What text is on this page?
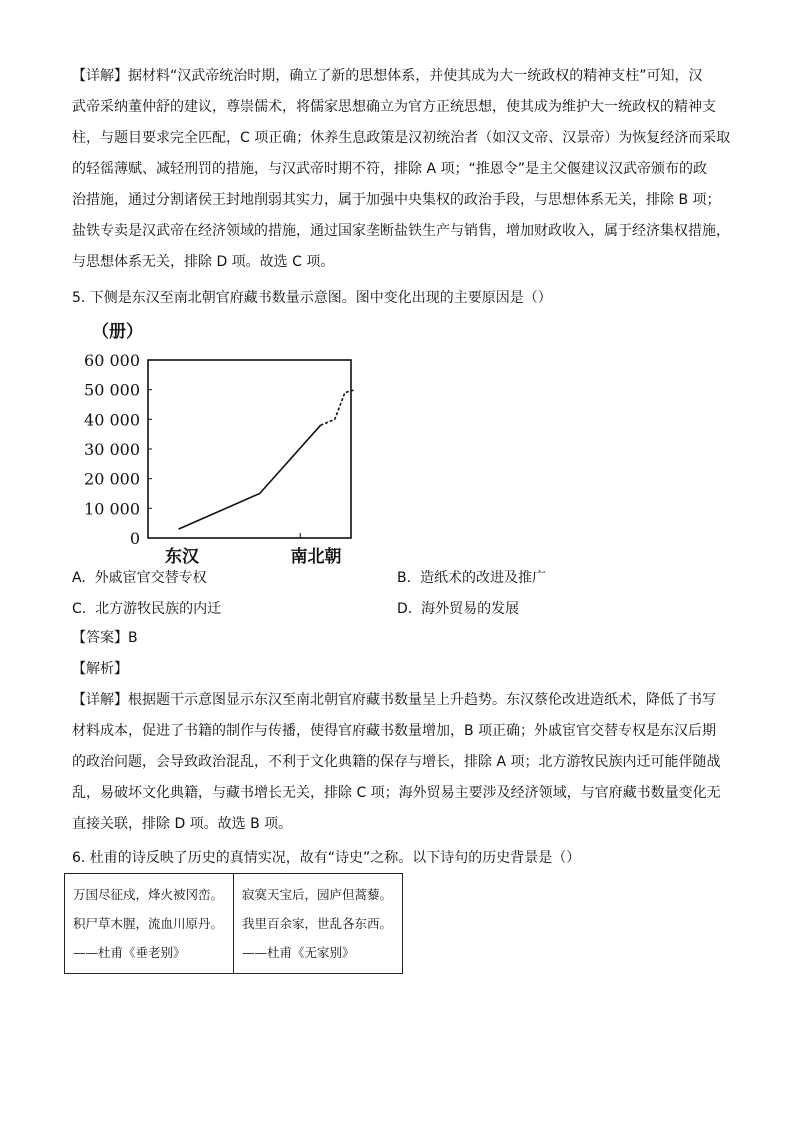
【详解】据材料“汉武帝统治时期，确立了新的思想体系，并使其成为大一统政权的精神支柱”可知，汉
武帝采纳董仲舒的建议，尊崇儒术，将儒家思想确立为官方正统思想，使其成为维护大一统政权的精神支
柱，与题目要求完全匹配，C 项正确；休养生息政策是汉初统治者（如汉文帝、汉景帝）为恢复经济而采取
的轻徭薄赋、减轻刑罚的措施，与汉武帝时期不符，排除 A 项；“推恩令”是主父偃建议汉武帝颁布的政
治措施，通过分割诸侯王封地削弱其实力，属于加强中央集权的政治手段，与思想体系无关，排除 B 项；
盐铁专卖是汉武帝在经济领域的措施，通过国家垄断盐铁生产与销售，增加财政收入，属于经济集权措施，
与思想体系无关，排除 D 项。故选 C 项。
5. 下侧是东汉至南北朝官府藏书数量示意图。图中变化出现的主要原因是（）
（册）
60 000
50 000
40 000
30 000
20 000
10 000
0
东汉	南北朝
A. 外戚宦官交替专权	B. 造纸术的改进及推广
C. 北方游牧民族的内迁	D. 海外贸易的发展
【答案】B
【解析】
【详解】根据题干示意图显示东汉至南北朝官府藏书数量呈上升趋势。东汉蔡伦改进造纸术，降低了书写
材料成本，促进了书籍的制作与传播，使得官府藏书数量增加，B 项正确；外戚宦官交替专权是东汉后期
的政治问题，会导致政治混乱，不利于文化典籍的保存与增长，排除 A 项；北方游牧民族内迁可能伴随战
乱，易破坏文化典籍，与藏书增长无关，排除 C 项；海外贸易主要涉及经济领域，与官府藏书数量变化无
直接关联，排除 D 项。故选 B 项。
6. 杜甫的诗反映了历史的真情实况，故有“诗史”之称。以下诗句的历史背景是（）
万国尽征戍，烽火被冈峦。
积尸草木腥，流血川原丹。
——杜甫《垂老别》

寂寞天宝后，园庐但蒿藜。
我里百余家，世乱各东西。
——杜甫《无家别》
